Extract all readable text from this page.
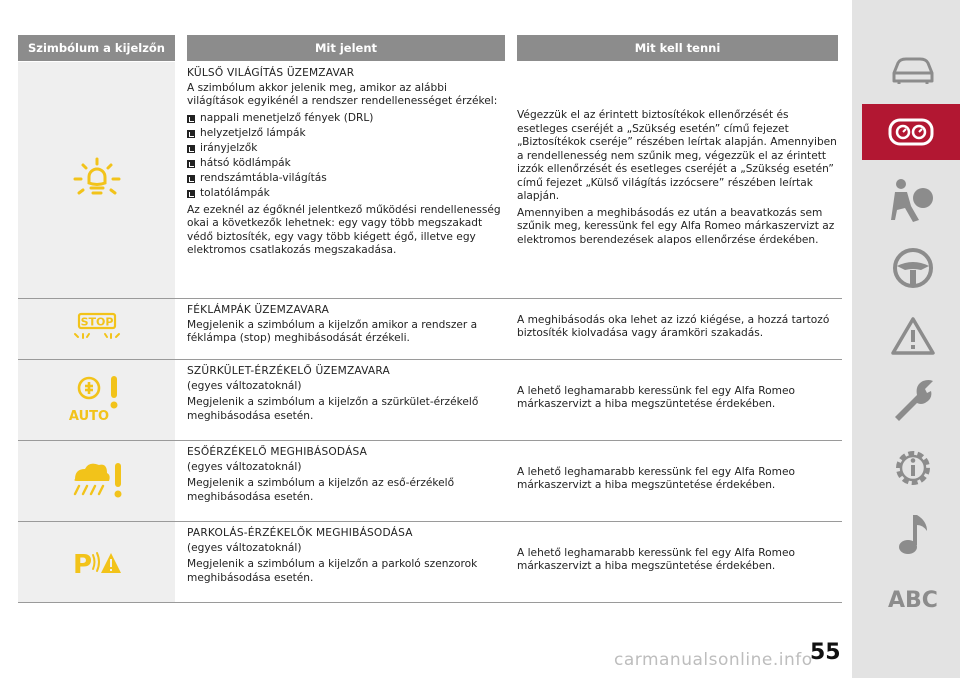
Szimbólum a kijelzőn	Mit jelent	Mit kell tenni
KÜLSŐ VILÁGÍTÁS ÜZEMZAVAR

A szimbólum akkor jelenik meg, amikor az alábbi világítások egyikénél a rendszer rendellenességet érzékel:

nappali menetjelző fények (DRL)
helyzetjelző lámpák
irányjelzők
hátsó ködlámpák
rendszámtábla-világítás
tolatólámpák

Az ezeknél az égőknél jelentkező működési rendellenesség okai a következők lehetnek: egy vagy több megszakadt védő biztosíték, egy vagy több kiégett égő, illetve egy elektromos csatlakozás megszakadása.

Végezzük el az érintett biztosítékok ellenőrzését és esetleges cseréjét a „Szükség esetén” című fejezet „Biztosítékok cseréje” részében leírtak alapján. Amennyiben a rendellenesség nem szűnik meg, végezzük el az érintett izzók ellenőrzését és esetleges cseréjét a „Szükség esetén” című fejezet „Külső világítás izzócsere” részében leírtak alapján.

Amennyiben a meghibásodás ez után a beavatkozás sem szűnik meg, keressünk fel egy Alfa Romeo márkaszervizt az elektromos berendezések alapos ellenőrzése érdekében.

STOP
FÉKLÁMPÁK ÜZEMZAVARA

Megjelenik a szimbólum a kijelzőn amikor a rendszer a féklámpa (stop) meghibásodását érzékeli.

A meghibásodás oka lehet az izzó kiégése, a hozzá tartozó biztosíték kiolvadása vagy áramköri szakadás.

AUTO
SZÜRKÜLET-ÉRZÉKELŐ ÜZEMZAVARA

(egyes változatoknál)

Megjelenik a szimbólum a kijelzőn a szürkület-érzékelő meghibásodása esetén.

A lehető leghamarabb keressünk fel egy Alfa Romeo márkaszervizt a hiba megszüntetése érdekében.

ESŐÉRZÉKELŐ MEGHIBÁSODÁSA

(egyes változatoknál)

Megjelenik a szimbólum a kijelzőn az eső-érzékelő meghibásodása esetén.

A lehető leghamarabb keressünk fel egy Alfa Romeo márkaszervizt a hiba megszüntetése érdekében.

P
PARKOLÁS-ÉRZÉKELŐK MEGHIBÁSODÁSA

(egyes változatoknál)

Megjelenik a szimbólum a kijelzőn a parkoló szenzorok meghibásodása esetén.

A lehető leghamarabb keressünk fel egy Alfa Romeo márkaszervizt a hiba megszüntetése érdekében.

55
ABC
carmanualsonline.info
